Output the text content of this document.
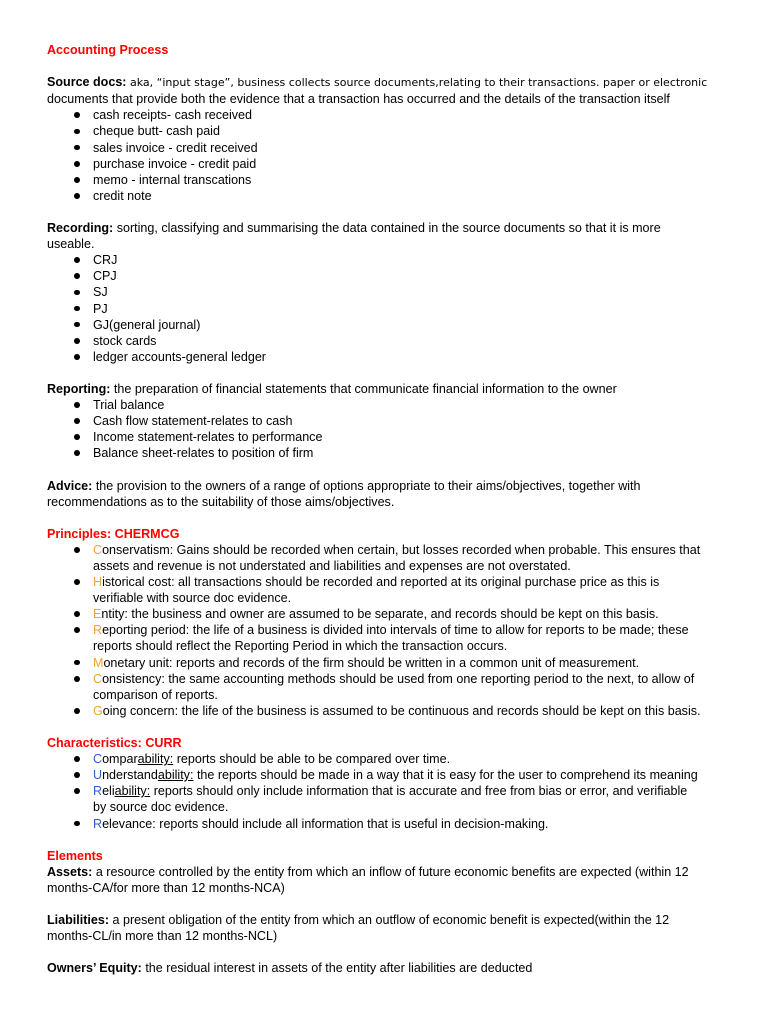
Accounting Process
Source docs: aka, “input stage”, business collects source documents,relating to their transactions. paper or electronic
documents that provide both the evidence that a transaction has occurred and the details of the transaction itself
cash receipts- cash received
cheque butt- cash paid
sales invoice - credit received
purchase invoice - credit paid
memo - internal transcations
credit note
Recording: sorting, classifying and summarising the data contained in the source documents so that it is more
useable.
CRJ
CPJ
SJ
PJ
GJ(general journal)
stock cards
ledger accounts-general ledger
Reporting: the preparation of financial statements that communicate financial information to the owner
Trial balance
Cash flow statement-relates to cash
Income statement-relates to performance
Balance sheet-relates to position of firm
Advice: the provision to the owners of a range of options appropriate to their aims/objectives, together with
recommendations as to the suitability of those aims/objectives.
Principles: CHERMCG
Conservatism: Gains should be recorded when certain, but losses recorded when probable. This ensures that
assets and revenue is not understated and liabilities and expenses are not overstated.
Historical cost: all transactions should be recorded and reported at its original purchase price as this is
verifiable with source doc evidence.
Entity: the business and owner are assumed to be separate, and records should be kept on this basis.
Reporting period: the life of a business is divided into intervals of time to allow for reports to be made; these
reports should reflect the Reporting Period in which the transaction occurs.
Monetary unit: reports and records of the firm should be written in a common unit of measurement.
Consistency: the same accounting methods should be used from one reporting period to the next, to allow of
comparison of reports.
Going concern: the life of the business is assumed to be continuous and records should be kept on this basis.
Characteristics: CURR
Comparability: reports should be able to be compared over time.
Understandability: the reports should be made in a way that it is easy for the user to comprehend its meaning
Reliability: reports should only include information that is accurate and free from bias or error, and verifiable
by source doc evidence.
Relevance: reports should include all information that is useful in decision-making.
Elements
Assets: a resource controlled by the entity from which an inflow of future economic benefits are expected (within 12
months-CA/for more than 12 months-NCA)
Liabilities: a present obligation of the entity from which an outflow of economic benefit is expected(within the 12
months-CL/in more than 12 months-NCL)
Owners’ Equity: the residual interest in assets of the entity after liabilities are deducted
